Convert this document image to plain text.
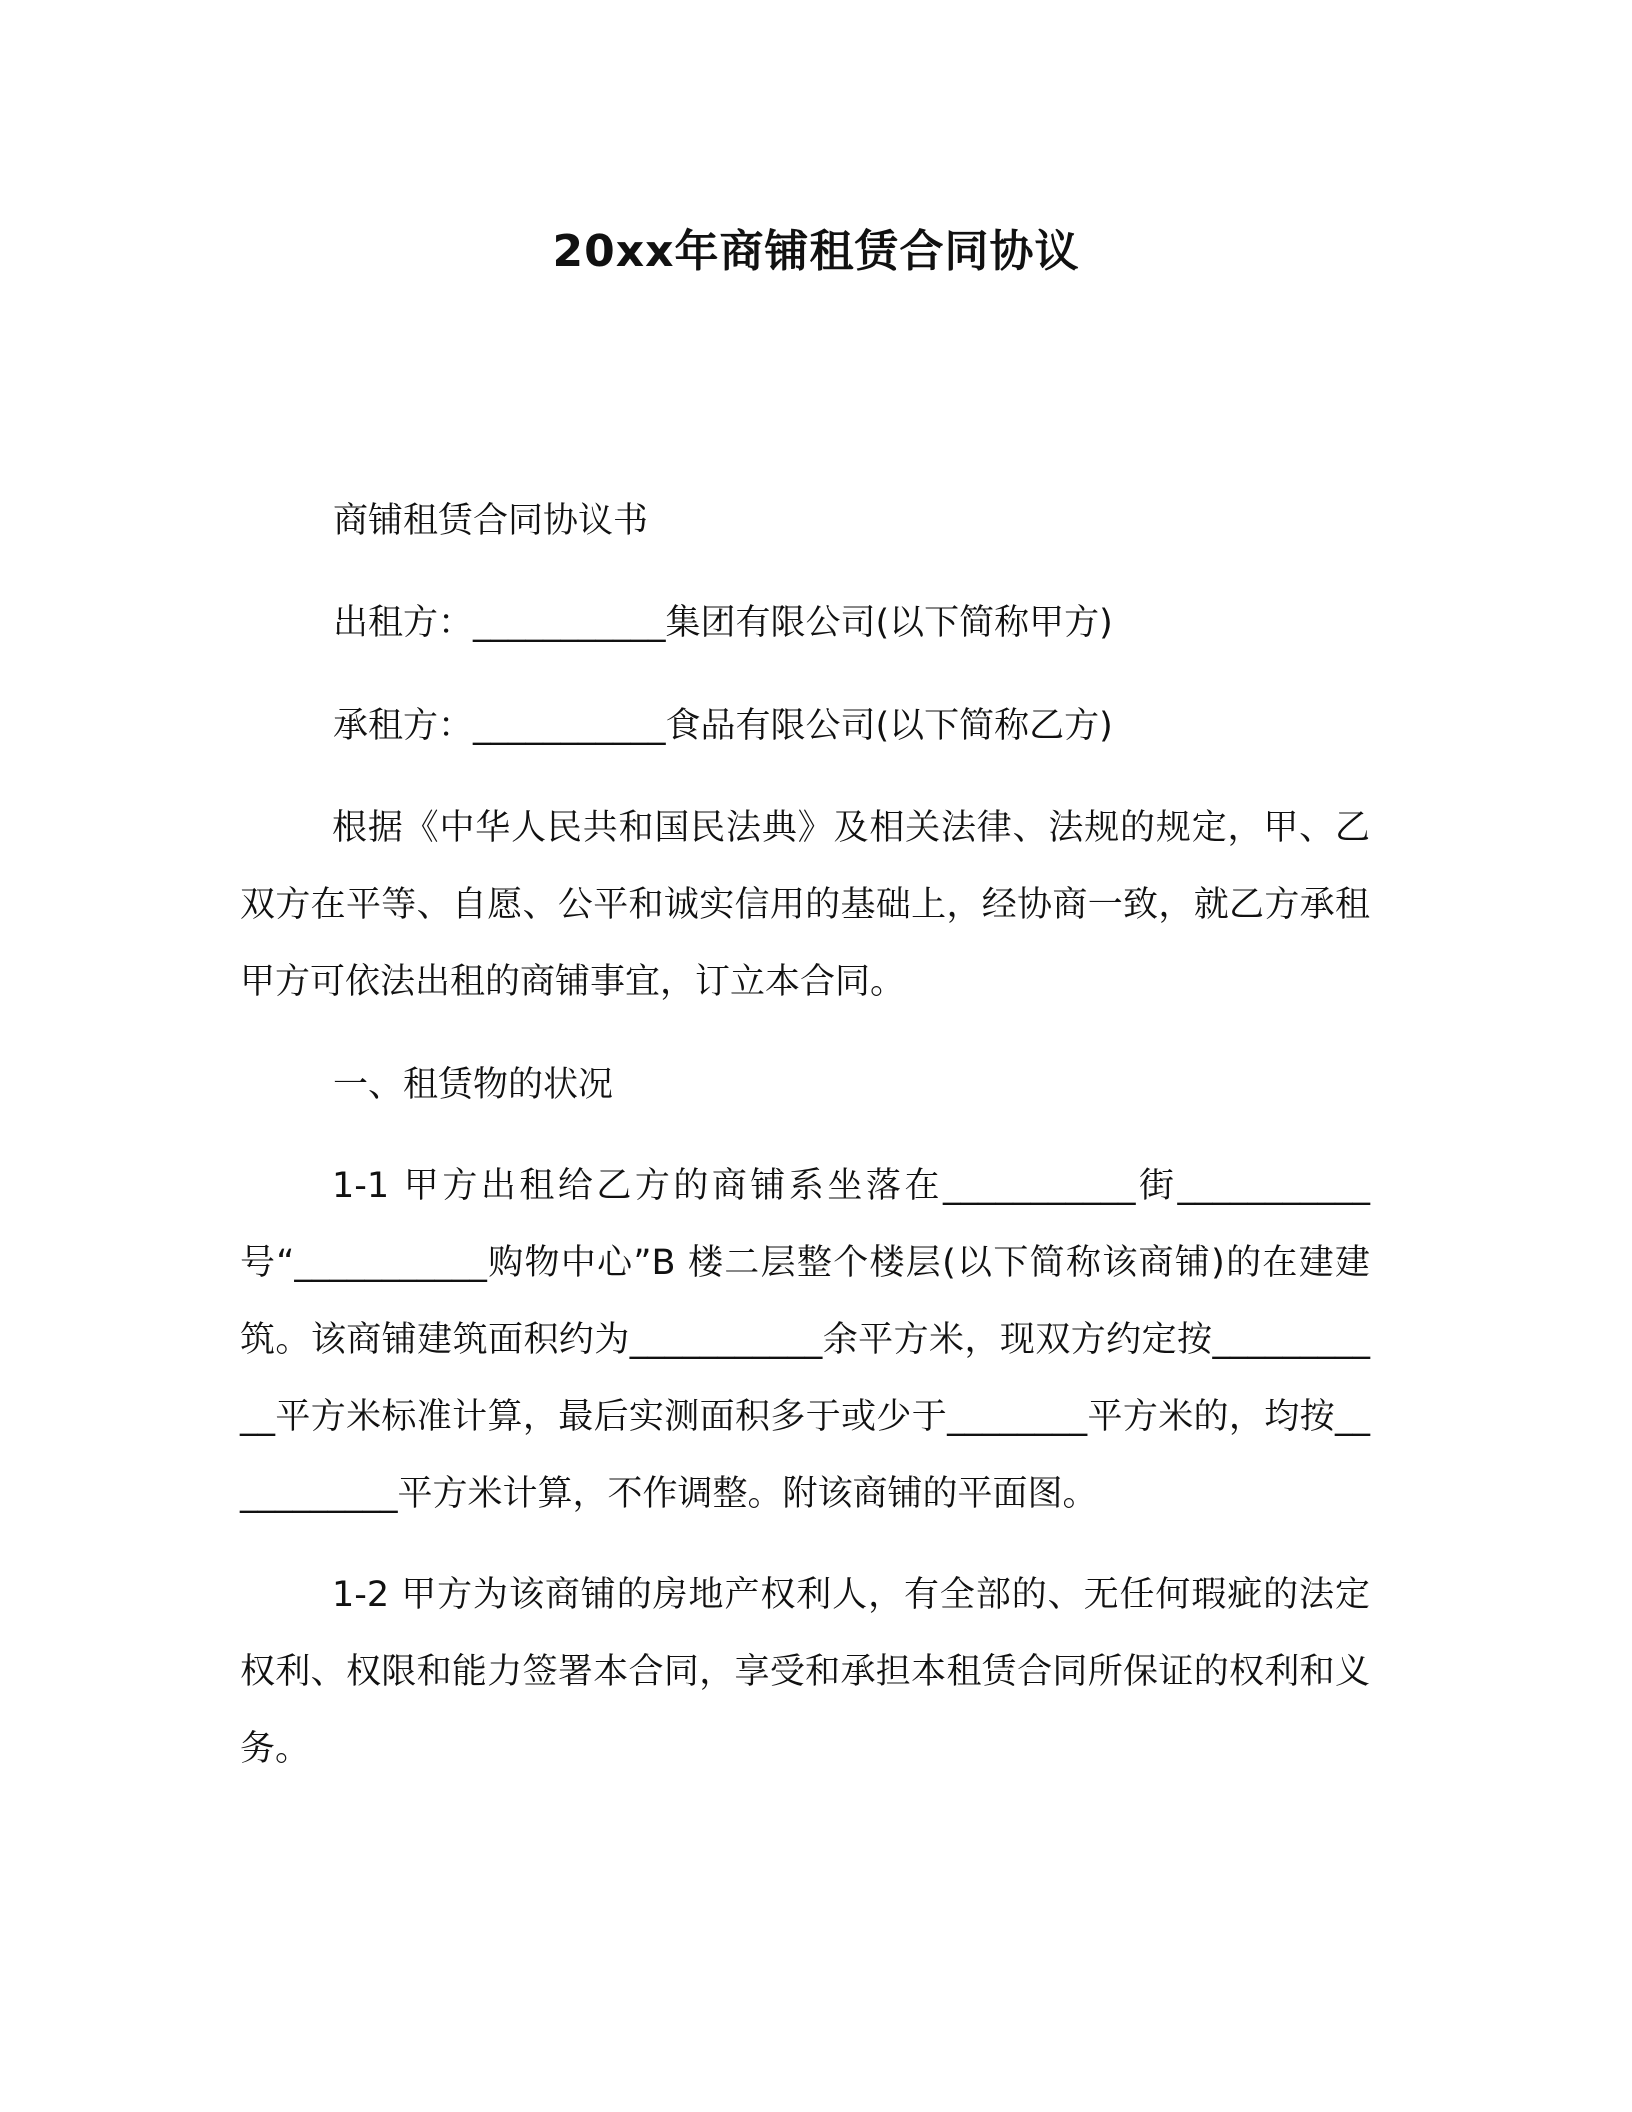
20xx年商铺租赁合同协议

商铺租赁合同协议书

出租方：___________集团有限公司(以下简称甲方)

承租方：___________食品有限公司(以下简称乙方)

根据《中华人民共和国民法典》及相关法律、法规的规定，甲、乙双方在平等、自愿、公平和诚实信用的基础上，经协商一致，就乙方承租甲方可依法出租的商铺事宜，订立本合同。

一、租赁物的状况

1-1 甲方出租给乙方的商铺系坐落在___________街___________号“___________购物中心”B 楼二层整个楼层(以下简称该商铺)的在建建筑。该商铺建筑面积约为___________余平方米，现双方约定按___________平方米标准计算，最后实测面积多于或少于________平方米的，均按___________平方米计算，不作调整。附该商铺的平面图。

1-2 甲方为该商铺的房地产权利人，有全部的、无任何瑕疵的法定权利、权限和能力签署本合同，享受和承担本租赁合同所保证的权利和义务。
